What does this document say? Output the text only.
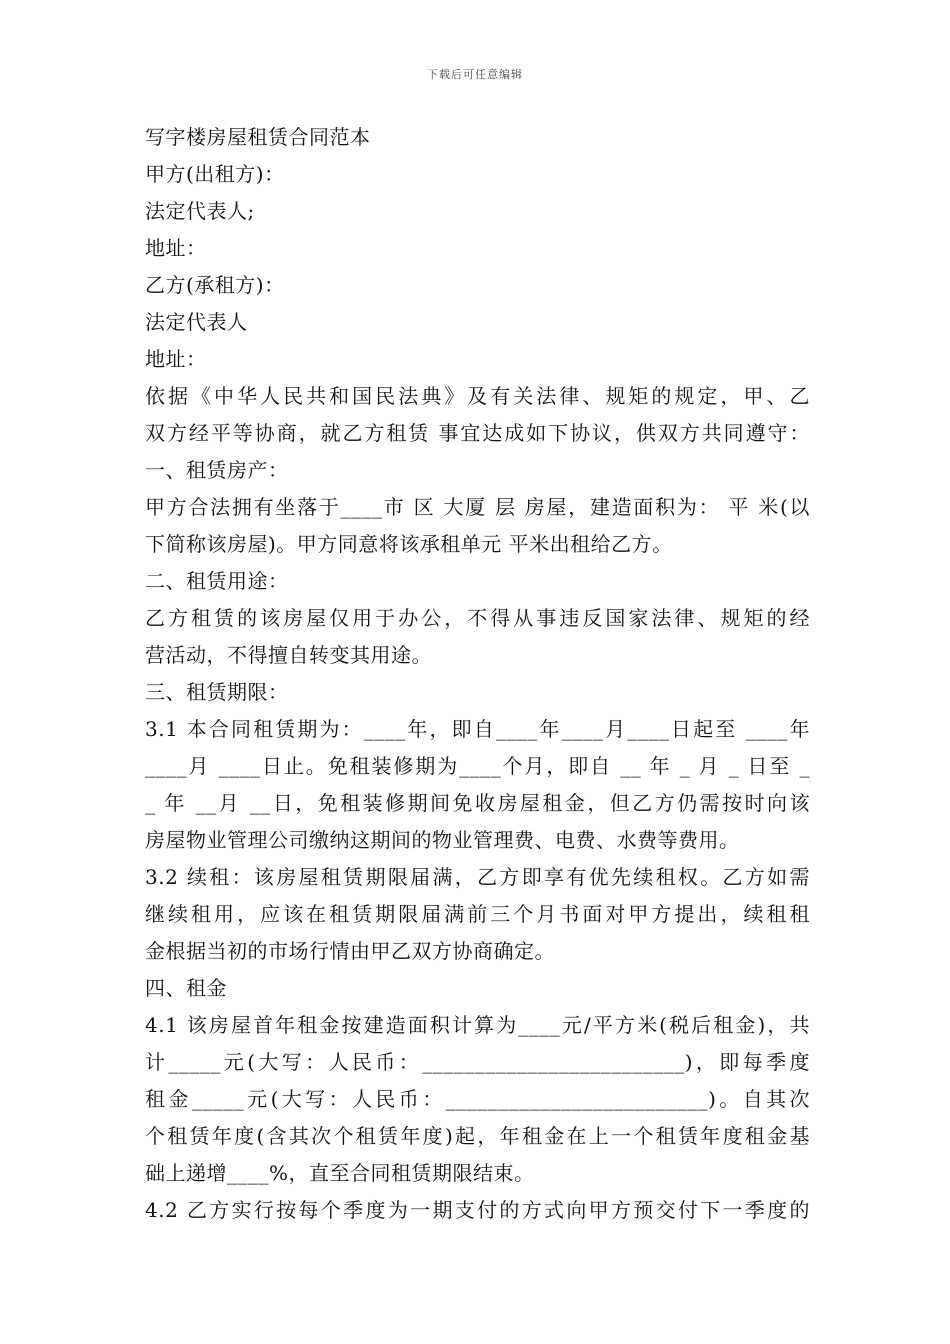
下载后可任意编辑
写字楼房屋租赁合同范本
甲方(出租方)：
法定代表人;
地址：
乙方(承租方)：
法定代表人
地址：
依据《中华人民共和国民法典》及有关法律、规矩的规定，甲、乙
双方经平等协商，就乙方租赁 事宜达成如下协议，供双方共同遵守：
一、租赁房产：
甲方合法拥有坐落于____市 区 大厦 层 房屋，建造面积为： 平 米(以
下简称该房屋)。甲方同意将该承租单元 平米出租给乙方。
二、租赁用途：
乙方租赁的该房屋仅用于办公，不得从事违反国家法律、规矩的经
营活动，不得擅自转变其用途。
三、租赁期限：
3.1 本合同租赁期为：____年，即自____年____月____日起至 ____年
____月 ____日止。免租装修期为____个月，即自 __ 年 _ 月 _ 日至 _
_ 年 __月 __日，免租装修期间免收房屋租金，但乙方仍需按时向该
房屋物业管理公司缴纳这期间的物业管理费、电费、水费等费用。
3.2 续租：该房屋租赁期限届满，乙方即享有优先续租权。乙方如需
继续租用，应该在租赁期限届满前三个月书面对甲方提出，续租租
金根据当初的市场行情由甲乙双方协商确定。
四、租金
4.1 该房屋首年租金按建造面积计算为____元/平方米(税后租金)，共
计_____元(大写：人民币：_________________________)，即每季度
租金_____元(大写：人民币：_________________________)。自其次
个租赁年度(含其次个租赁年度)起，年租金在上一个租赁年度租金基
础上递增____%，直至合同租赁期限结束。
4.2 乙方实行按每个季度为一期支付的方式向甲方预交付下一季度的
